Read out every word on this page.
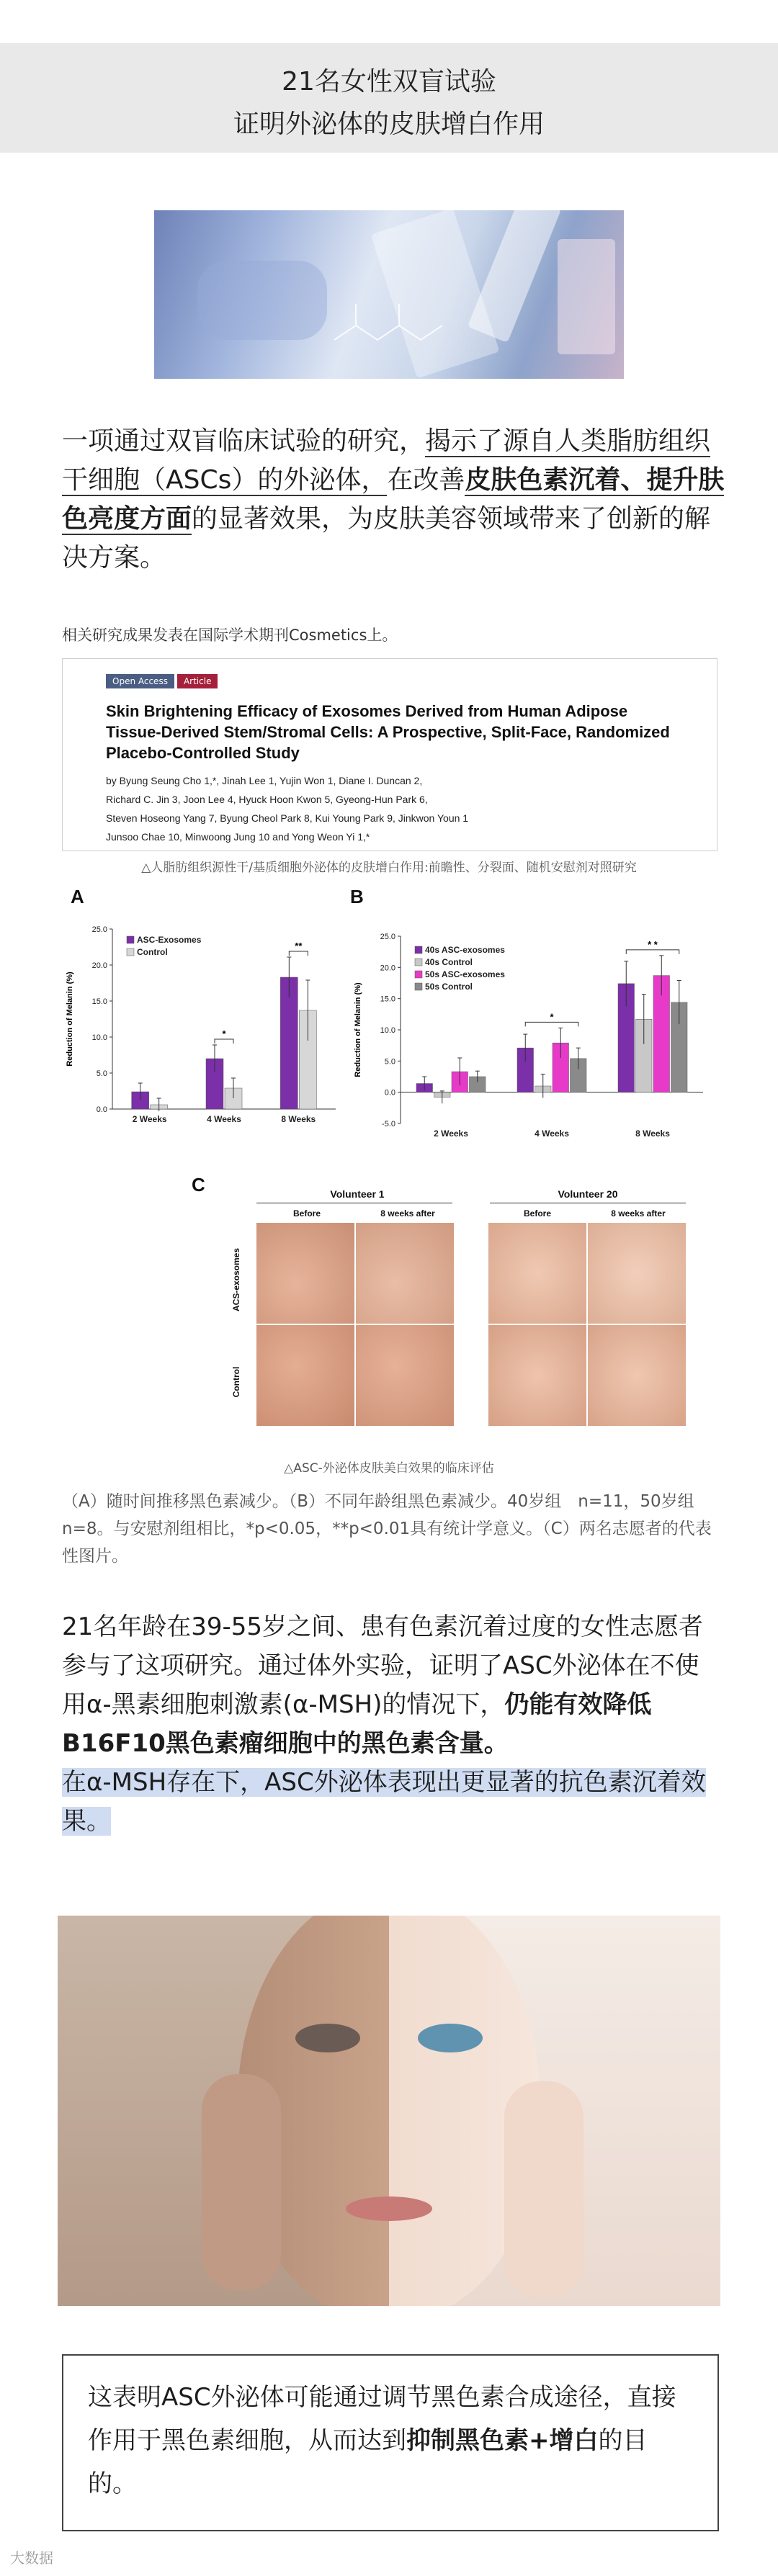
21名女性双盲试验
证明外泌体的皮肤增白作用
一项通过双盲临床试验的研究，揭示了源自人类脂肪组织干细胞（ASCs）的外泌体，在改善皮肤色素沉着、提升肤色亮度方面的显著效果，为皮肤美容领域带来了创新的解决方案。
相关研究成果发表在国际学术期刊Cosmetics上。
Open Access Article
Skin Brightening Efficacy of Exosomes Derived from Human Adipose Tissue-Derived Stem/Stromal Cells: A Prospective, Split-Face, Randomized Placebo-Controlled Study
by Byung Seung Cho 1,*, Jinah Lee 1, Yujin Won 1, Diane I. Duncan 2,
Richard C. Jin 3, Joon Lee 4, Hyuck Hoon Kwon 5, Gyeong-Hun Park 6,
Steven Hoseong Yang 7, Byung Cheol Park 8, Kui Young Park 9, Jinkwon Youn 1
Junsoo Chae 10, Minwoong Jung 10 and Yong Weon Yi 1,*
△人脂肪组织源性干/基质细胞外泌体的皮肤增白作用:前瞻性、分裂面、随机安慰剂对照研究
A	B
0.0
5.0
10.0
15.0
20.0
25.0
Reduction of Melanin (%)
2 Weeks	4 Weeks
*
8 Weeks
**
ASC-Exosomes
Control
-5.0
0.0
5.0
10.0
15.0
20.0
25.0
Reduction of Melanin (%)
2 Weeks	4 Weeks
*
8 Weeks
* *
40s ASC-exosomes
40s Control
50s ASC-exosomes
50s Control
C	Volunteer 1	Volunteer 20
Before	8 weeks after	Before	8 weeks after
ACS-exosomes
Control
△ASC-外泌体皮肤美白效果的临床评估
（A）随时间推移黑色素减少。（B）不同年龄组黑色素减少。40岁组　n=11，50岁组 n=8。与安慰剂组相比，*p<0.05，**p<0.01具有统计学意义。（C）两名志愿者的代表性图片。
21名年龄在39-55岁之间、患有色素沉着过度的女性志愿者参与了这项研究。通过体外实验，证明了ASC外泌体在不使用α-黑素细胞刺激素(α-MSH)的情况下，仍能有效降低B16F10黑色素瘤细胞中的黑色素含量。
在α-MSH存在下，ASC外泌体表现出更显著的抗色素沉着效果。
这表明ASC外泌体可能通过调节黑色素合成途径，直接作用于黑色素细胞，从而达到抑制黑色素+增白的目的。
大数据
